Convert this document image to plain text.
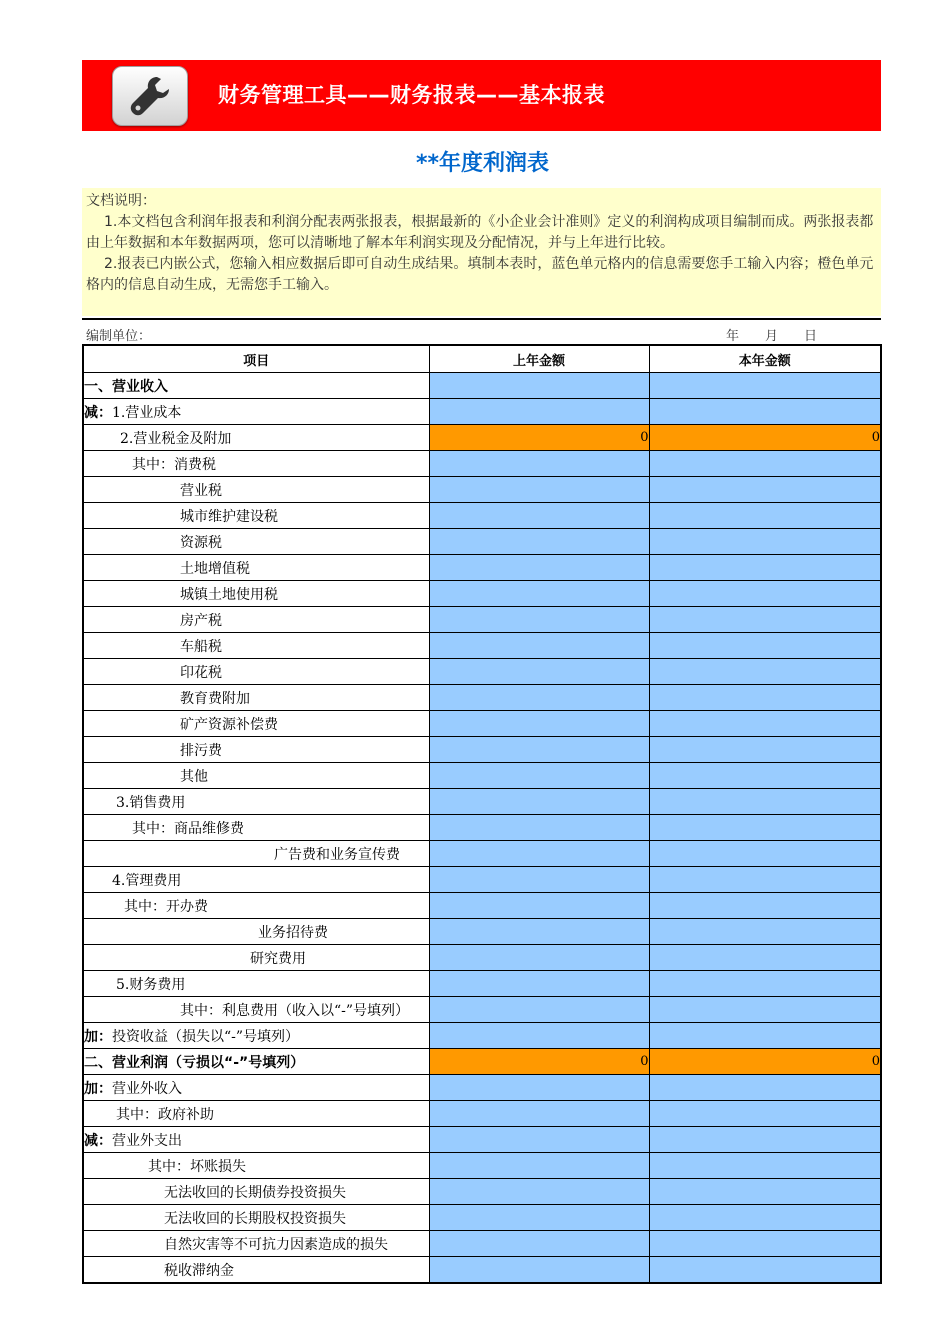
财务管理工具——财务报表——基本报表
**年度利润表

文档说明：

1.本文档包含利润年报表和利润分配表两张报表，根据最新的《小企业会计准则》定义的利润构成项目编制而成。两张报表都由上年数据和本年数据两项，您可以清晰地了解本年利润实现及分配情况，并与上年进行比较。

2.报表已内嵌公式，您输入相应数据后即可自动生成结果。填制本表时，蓝色单元格内的信息需要您手工输入内容；橙色单元格内的信息自动生成，无需您手工输入。

编制单位：	年　　月　　日
项目	上年金额	本年金额
一、营业收入		
减：1.营业成本		
2.营业税金及附加	0	0
其中：消费税		
营业税		
城市维护建设税		
资源税		
土地增值税		
城镇土地使用税		
房产税		
车船税		
印花税		
教育费附加		
矿产资源补偿费		
排污费		
其他		
3.销售费用		
其中：商品维修费		
广告费和业务宣传费		
4.管理费用		
其中：开办费		
业务招待费		
研究费用		
5.财务费用		
其中：利息费用（收入以“-”号填列）		
加：投资收益（损失以“-”号填列）		
二、营业利润（亏损以“-”号填列）	0	0
加：营业外收入		
其中：政府补助		
减：营业外支出		
其中：坏账损失		
无法收回的长期债券投资损失		
无法收回的长期股权投资损失		
自然灾害等不可抗力因素造成的损失		
税收滞纳金		
